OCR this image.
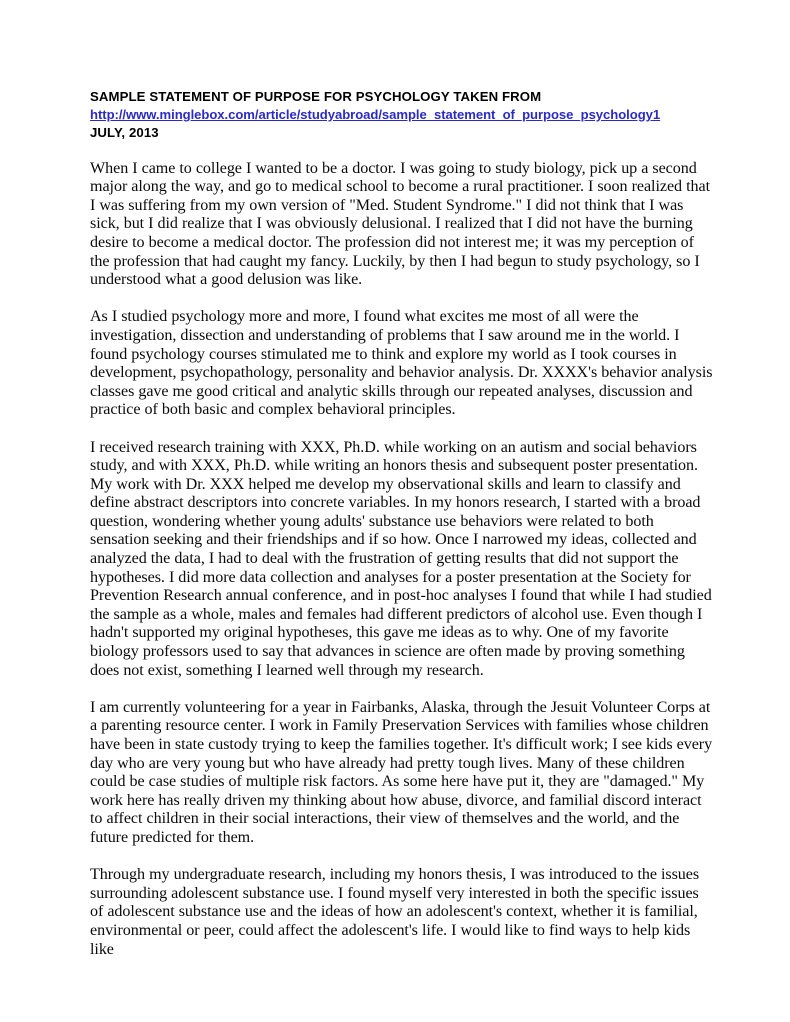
SAMPLE STATEMENT OF PURPOSE FOR PSYCHOLOGY TAKEN FROM
http://www.minglebox.com/article/studyabroad/sample_statement_of_purpose_psychology1
JULY, 2013

When I came to college I wanted to be a doctor. I was going to study biology, pick up a second major along the way, and go to medical school to become a rural practitioner. I soon realized that I was suffering from my own version of "Med. Student Syndrome." I did not think that I was sick, but I did realize that I was obviously delusional. I realized that I did not have the burning desire to become a medical doctor. The profession did not interest me; it was my perception of the profession that had caught my fancy. Luckily, by then I had begun to study psychology, so I understood what a good delusion was like.

As I studied psychology more and more, I found what excites me most of all were the investigation, dissection and understanding of problems that I saw around me in the world. I found psychology courses stimulated me to think and explore my world as I took courses in development, psychopathology, personality and behavior analysis. Dr. XXXX's behavior analysis classes gave me good critical and analytic skills through our repeated analyses, discussion and practice of both basic and complex behavioral principles.

I received research training with XXX, Ph.D. while working on an autism and social behaviors study, and with XXX, Ph.D. while writing an honors thesis and subsequent poster presentation. My work with Dr. XXX helped me develop my observational skills and learn to classify and define abstract descriptors into concrete variables. In my honors research, I started with a broad question, wondering whether young adults' substance use behaviors were related to both sensation seeking and their friendships and if so how. Once I narrowed my ideas, collected and analyzed the data, I had to deal with the frustration of getting results that did not support the hypotheses. I did more data collection and analyses for a poster presentation at the Society for Prevention Research annual conference, and in post-hoc analyses I found that while I had studied the sample as a whole, males and females had different predictors of alcohol use. Even though I hadn't supported my original hypotheses, this gave me ideas as to why. One of my favorite biology professors used to say that advances in science are often made by proving something does not exist, something I learned well through my research.

I am currently volunteering for a year in Fairbanks, Alaska, through the Jesuit Volunteer Corps at a parenting resource center. I work in Family Preservation Services with families whose children have been in state custody trying to keep the families together. It's difficult work; I see kids every day who are very young but who have already had pretty tough lives. Many of these children could be case studies of multiple risk factors. As some here have put it, they are "damaged." My work here has really driven my thinking about how abuse, divorce, and familial discord interact to affect children in their social interactions, their view of themselves and the world, and the future predicted for them.

Through my undergraduate research, including my honors thesis, I was introduced to the issues surrounding adolescent substance use. I found myself very interested in both the specific issues of adolescent substance use and the ideas of how an adolescent's context, whether it is familial, environmental or peer, could affect the adolescent's life. I would like to find ways to help kids like
